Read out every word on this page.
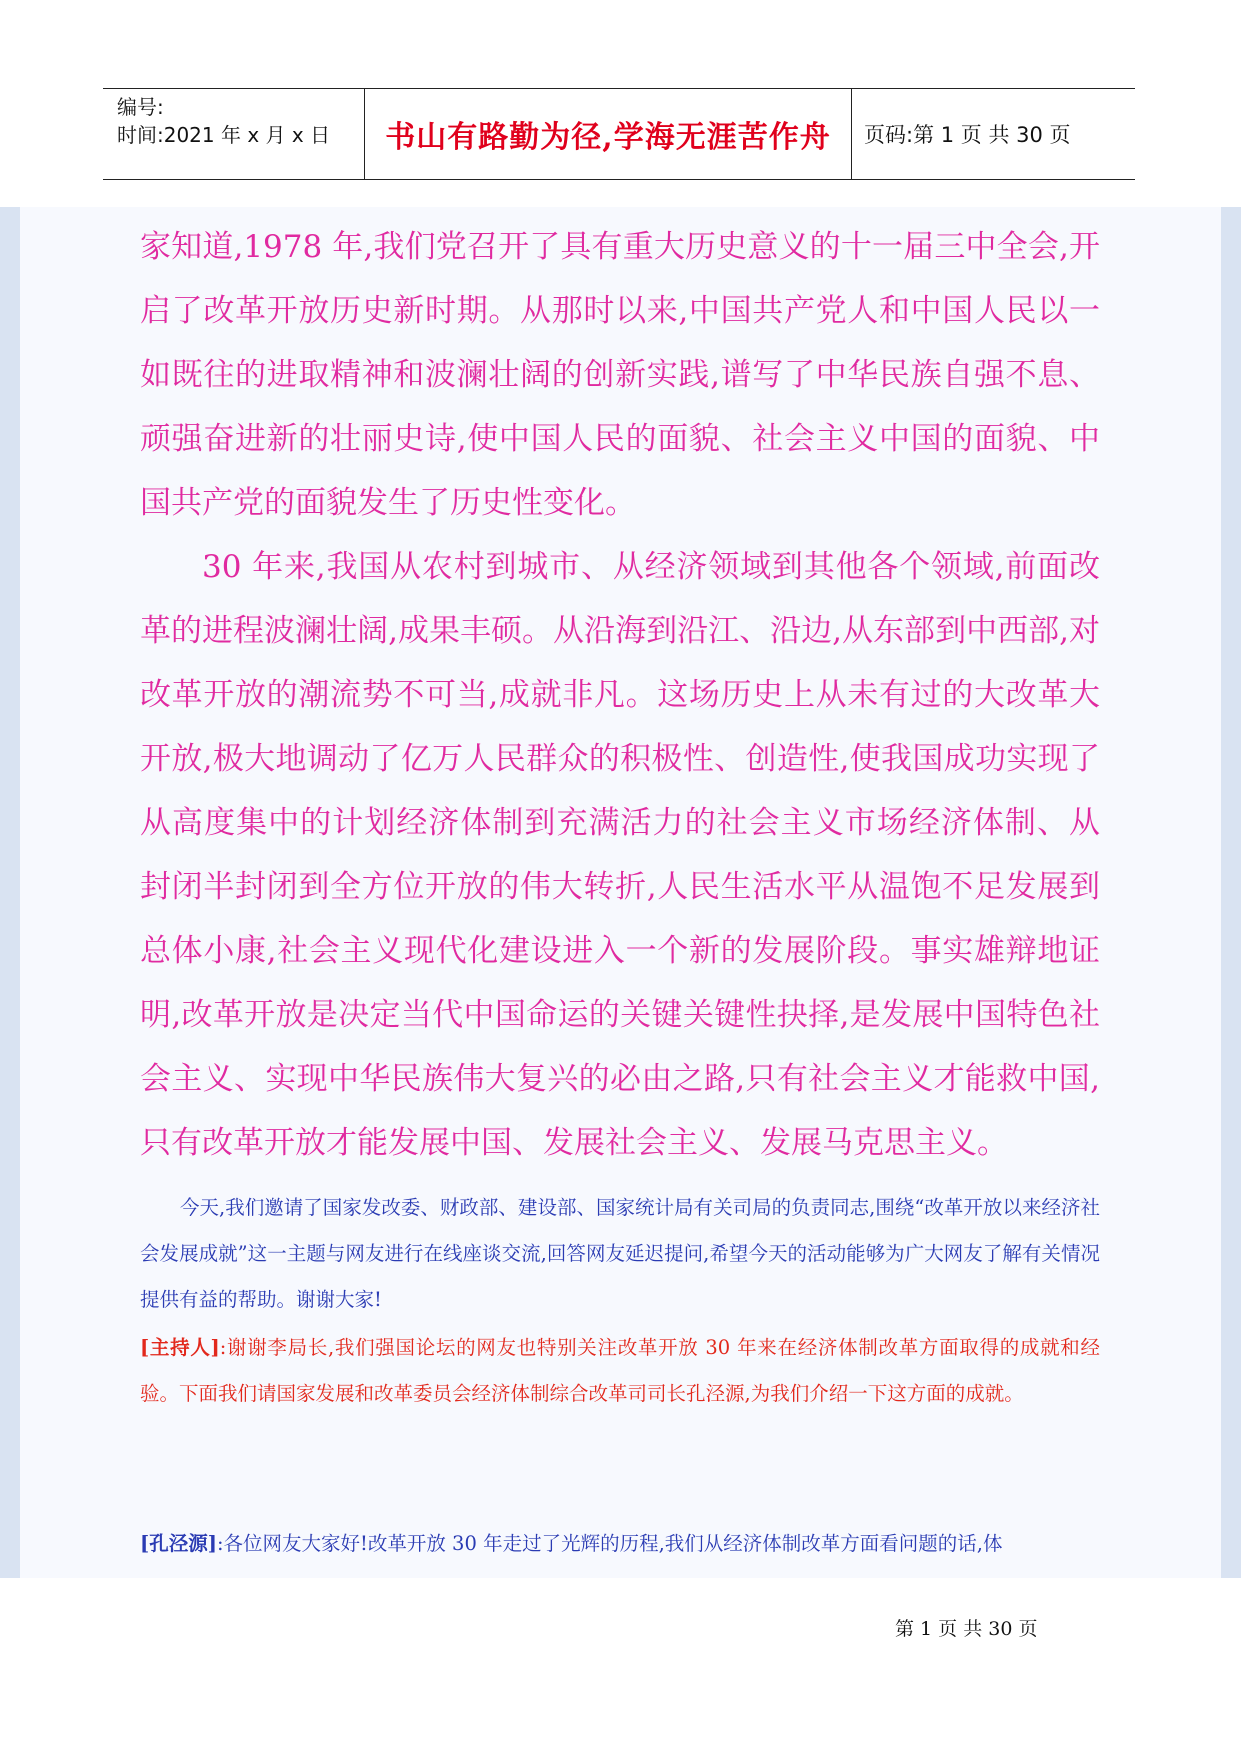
编号:
时间:2021 年 x 月 x 日	书山有路勤为径,学海无涯苦作舟	页码:第 1 页 共 30 页

家知道,1978 年,我们党召开了具有重大历史意义的十一届三中全会,开启了改革开放历史新时期。从那时以来,中国共产党人和中国人民以一如既往的进取精神和波澜壮阔的创新实践,谱写了中华民族自强不息、顽强奋进新的壮丽史诗,使中国人民的面貌、社会主义中国的面貌、中国共产党的面貌发生了历史性变化。

30 年来,我国从农村到城市、从经济领域到其他各个领域,前面改革的进程波澜壮阔,成果丰硕。从沿海到沿江、沿边,从东部到中西部,对改革开放的潮流势不可当,成就非凡。这场历史上从未有过的大改革大开放,极大地调动了亿万人民群众的积极性、创造性,使我国成功实现了从高度集中的计划经济体制到充满活力的社会主义市场经济体制、从封闭半封闭到全方位开放的伟大转折,人民生活水平从温饱不足发展到总体小康,社会主义现代化建设进入一个新的发展阶段。事实雄辩地证明,改革开放是决定当代中国命运的关键关键性抉择,是发展中国特色社会主义、实现中华民族伟大复兴的必由之路,只有社会主义才能救中国,只有改革开放才能发展中国、发展社会主义、发展马克思主义。

今天,我们邀请了国家发改委、财政部、建设部、国家统计局有关司局的负责同志,围绕“改革开放以来经济社会发展成就”这一主题与网友进行在线座谈交流,回答网友延迟提问,希望今天的活动能够为广大网友了解有关情况提供有益的帮助。谢谢大家!

[主持人]:谢谢李局长,我们强国论坛的网友也特别关注改革开放 30 年来在经济体制改革方面取得的成就和经验。下面我们请国家发展和改革委员会经济体制综合改革司司长孔泾源,为我们介绍一下这方面的成就。

[孔泾源]:各位网友大家好!改革开放 30 年走过了光辉的历程,我们从经济体制改革方面看问题的话,体

第 1 页 共 30 页
